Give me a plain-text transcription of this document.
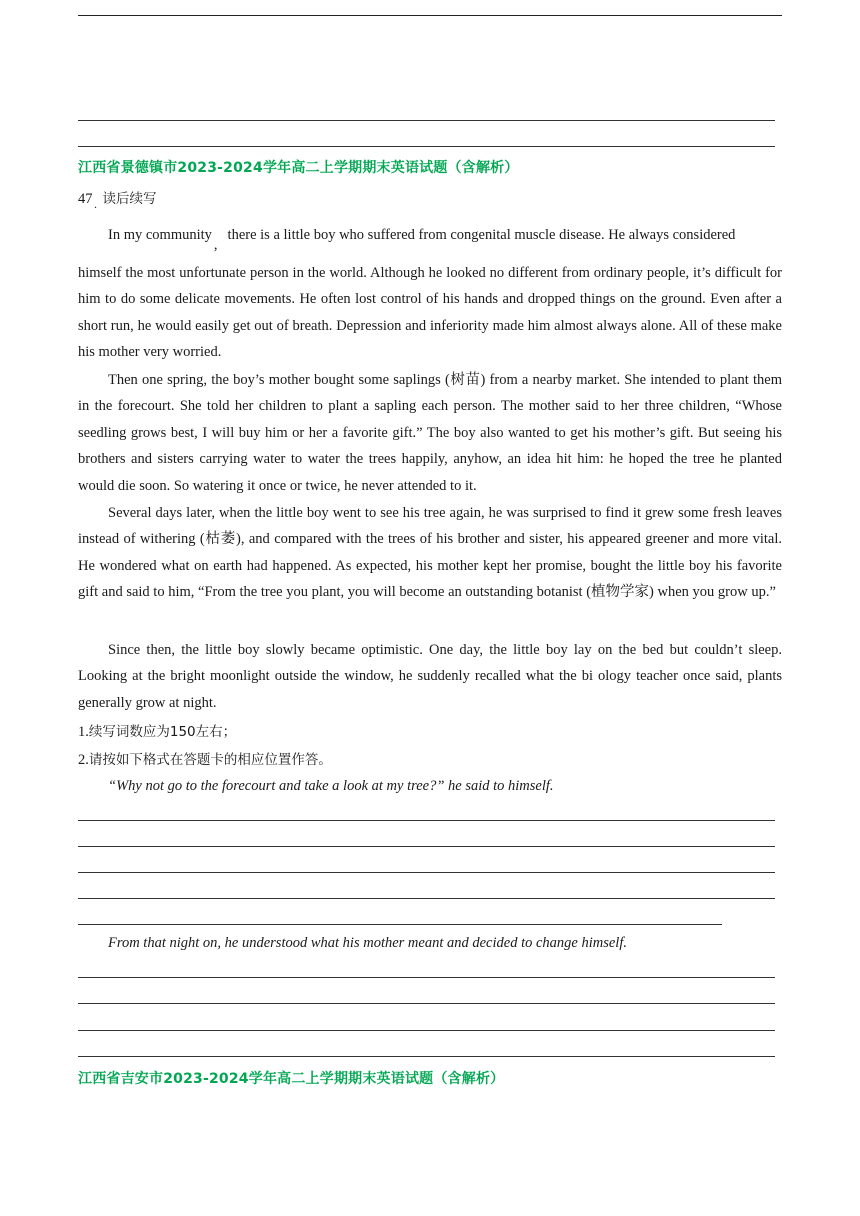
江西省景德镇市2023-2024学年高二上学期期末英语试题（含解析）
47 . 读后续写
In my community,there is a little boy who suffered from congenital muscle disease. He always considered

himself the most unfortunate person in the world. Although he looked no different from ordinary people, it’s difficult for him to do some delicate movements. He often lost control of his hands and dropped things on the ground. Even after a short run, he would easily get out of breath. Depression and inferiority made him almost always alone. All of these make his mother very worried.

Then one spring, the boy’s mother bought some saplings (树苗) from a nearby market. She intended to plant them in the forecourt. She told her children to plant a sapling each person. The mother said to her three children, “Whose seedling grows best, I will buy him or her a favorite gift.” The boy also wanted to get his mother’s gift. But seeing his brothers and sisters carrying water to water the trees happily, anyhow, an idea hit him: he hoped the tree he planted would die soon. So watering it once or twice, he never attended to it.

Several days later, when the little boy went to see his tree again, he was surprised to find it grew some fresh leaves instead of withering (枯萎), and compared with the trees of his brother and sister, his appeared greener and more vital. He wondered what on earth had happened. As expected, his mother kept her promise, bought the little boy his favorite gift and said to him, “From the tree you plant, you will become an outstanding botanist (植物学家) when you grow up.”

Since then, the little boy slowly became optimistic. One day, the little boy lay on the bed but couldn’t sleep. Looking at the bright moonlight outside the window, he suddenly recalled what the bi ology teacher once said, plants generally grow at night.

1.续写词数应为150左右；
2.请按如下格式在答题卡的相应位置作答。
“Why not go to the forecourt and take a look at my tree?” he said to himself.
From that night on, he understood what his mother meant and decided to change himself.
江西省吉安市2023-2024学年高二上学期期末英语试题（含解析）
